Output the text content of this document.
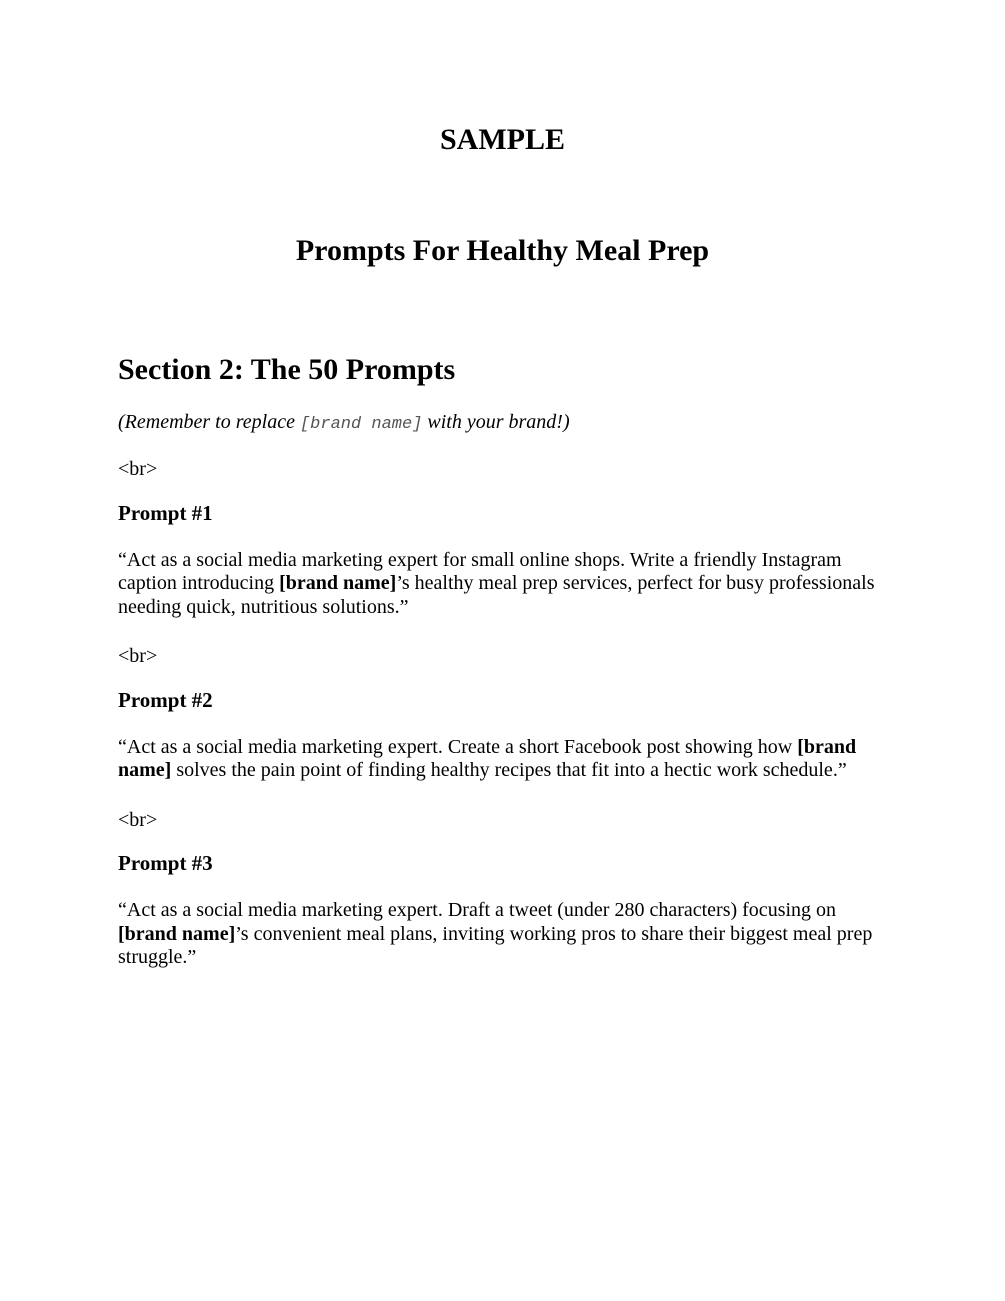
SAMPLE
Prompts For Healthy Meal Prep
Section 2: The 50 Prompts

(Remember to replace [brand name] with your brand!)

<br>

Prompt #1

“Act as a social media marketing expert for small online shops. Write a friendly Instagram caption introducing [brand name]’s healthy meal prep services, perfect for busy professionals needing quick, nutritious solutions.”

<br>

Prompt #2

“Act as a social media marketing expert. Create a short Facebook post showing how [brand name] solves the pain point of finding healthy recipes that fit into a hectic work schedule.”

<br>

Prompt #3

“Act as a social media marketing expert. Draft a tweet (under 280 characters) focusing on [brand name]’s convenient meal plans, inviting working pros to share their biggest meal prep struggle.”
